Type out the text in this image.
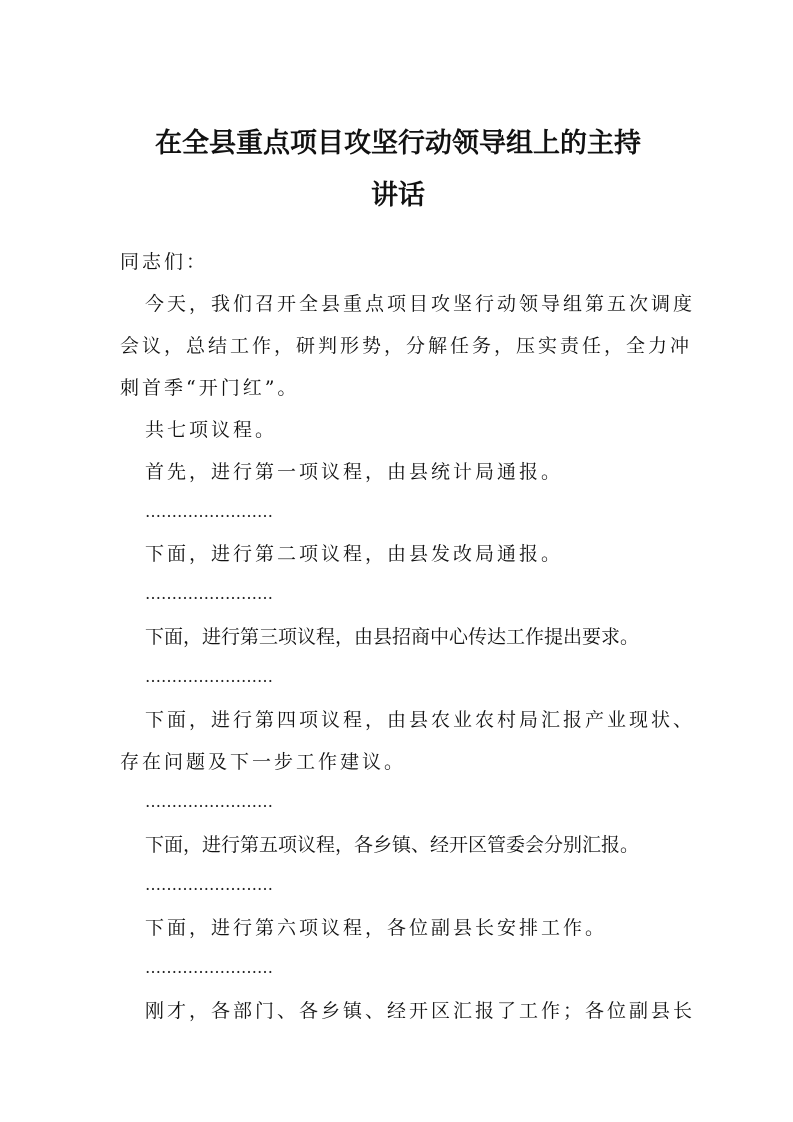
在全县重点项目攻坚行动领导组上的主持
讲话
同志们：
今天，我们召开全县重点项目攻坚行动领导组第五次调度
会议，总结工作，研判形势，分解任务，压实责任，全力冲
刺首季“开门红”。
共七项议程。
首先，进行第一项议程，由县统计局通报。
……………………
下面，进行第二项议程，由县发改局通报。
……………………
下面，进行第三项议程，由县招商中心传达工作提出要求。
……………………
下面，进行第四项议程，由县农业农村局汇报产业现状、
存在问题及下一步工作建议。
……………………
下面，进行第五项议程，各乡镇、经开区管委会分别汇报。
……………………
下面，进行第六项议程，各位副县长安排工作。
……………………
刚才，各部门、各乡镇、经开区汇报了工作；各位副县长
